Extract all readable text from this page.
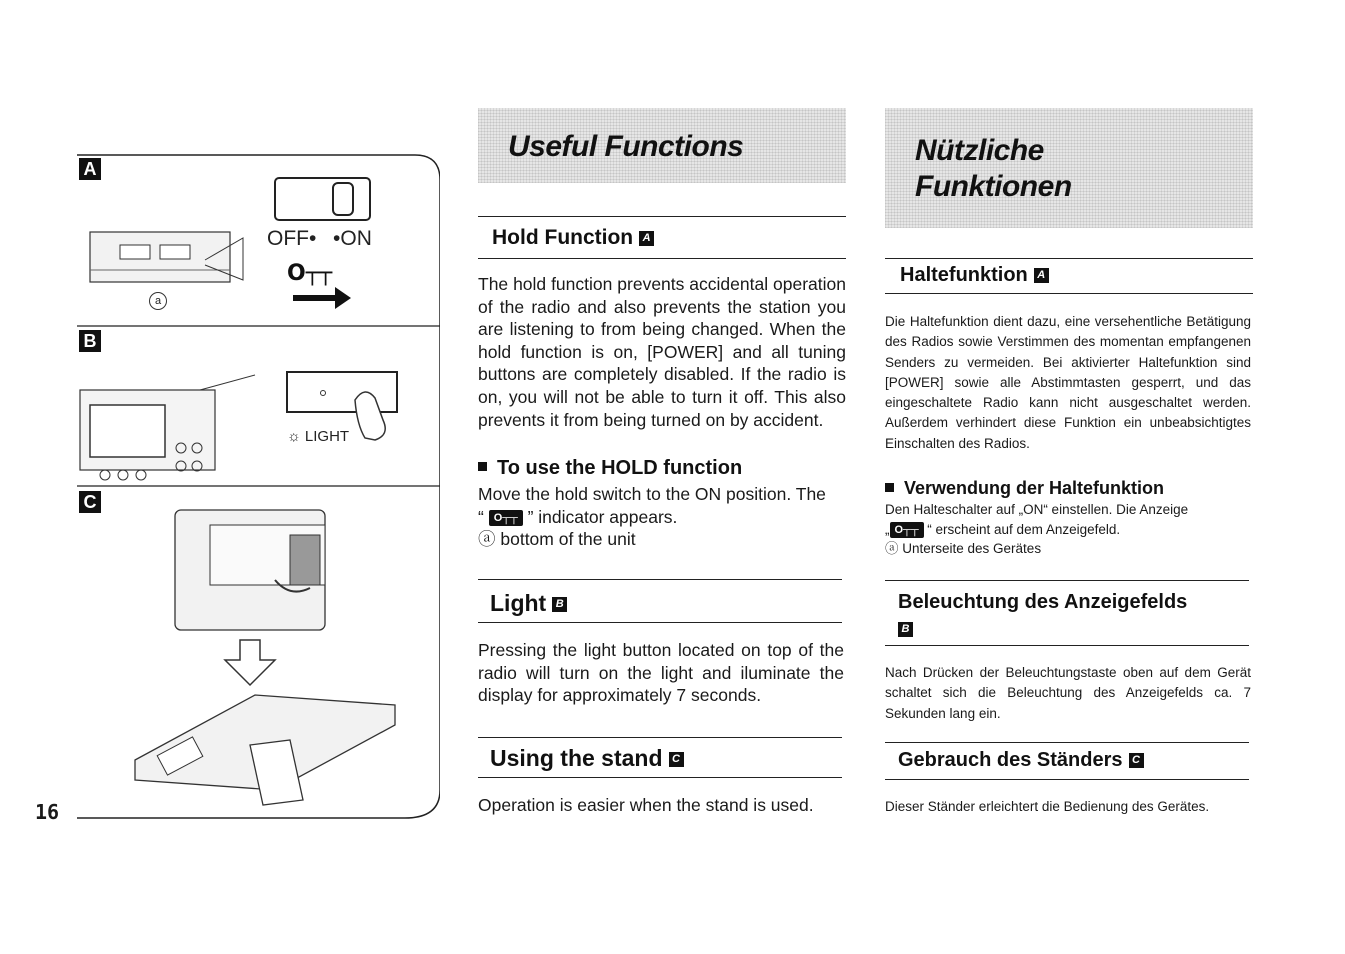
O┬┬
A
B
C
OFF• •ON
a
☼ LIGHT
16
Useful Functions
Hold Function A
The hold function prevents accidental operation of the radio and also prevents the station you are listening to from being changed. When the hold function is on, [POWER] and all tuning buttons are completely disabled. If the radio is on, you will not be able to turn it off. This also prevents it from being turned on by accident.
To use the HOLD function
Move the hold switch to the ON position. The
“ O┬┬	” indicator appears.
ⓐ bottom of the unit
Light B
Pressing the light button located on top of the radio will turn on the light and iluminate the display for approximately 7 seconds.
Using the stand C
Operation is easier when the stand is used.
Nützliche
Funktionen
Haltefunktion A
Die Haltefunktion dient dazu, eine versehentliche Betätigung des Radios sowie Verstimmen des momentan empfangenen Senders zu vermeiden. Bei aktivierter Haltefunktion sind [POWER] sowie alle Abstimmtasten gesperrt, und das eingeschaltete Radio kann nicht ausgeschaltet werden. Außerdem verhindert diese Funktion ein unbeabsichtigtes Einschalten des Radios.
Verwendung der Haltefunktion
Den Halteschalter auf „ON“ einstellen. Die Anzeige
„ O┬┬	“ erscheint auf dem Anzeigefeld.
ⓐ Unterseite des Gerätes
Beleuchtung des Anzeigefelds
B
Nach Drücken der Beleuchtungstaste oben auf dem Gerät schaltet sich die Beleuchtung des Anzeigefelds ca. 7 Sekunden lang ein.
Gebrauch des Ständers C
Dieser Ständer erleichtert die Bedienung des Gerätes.
